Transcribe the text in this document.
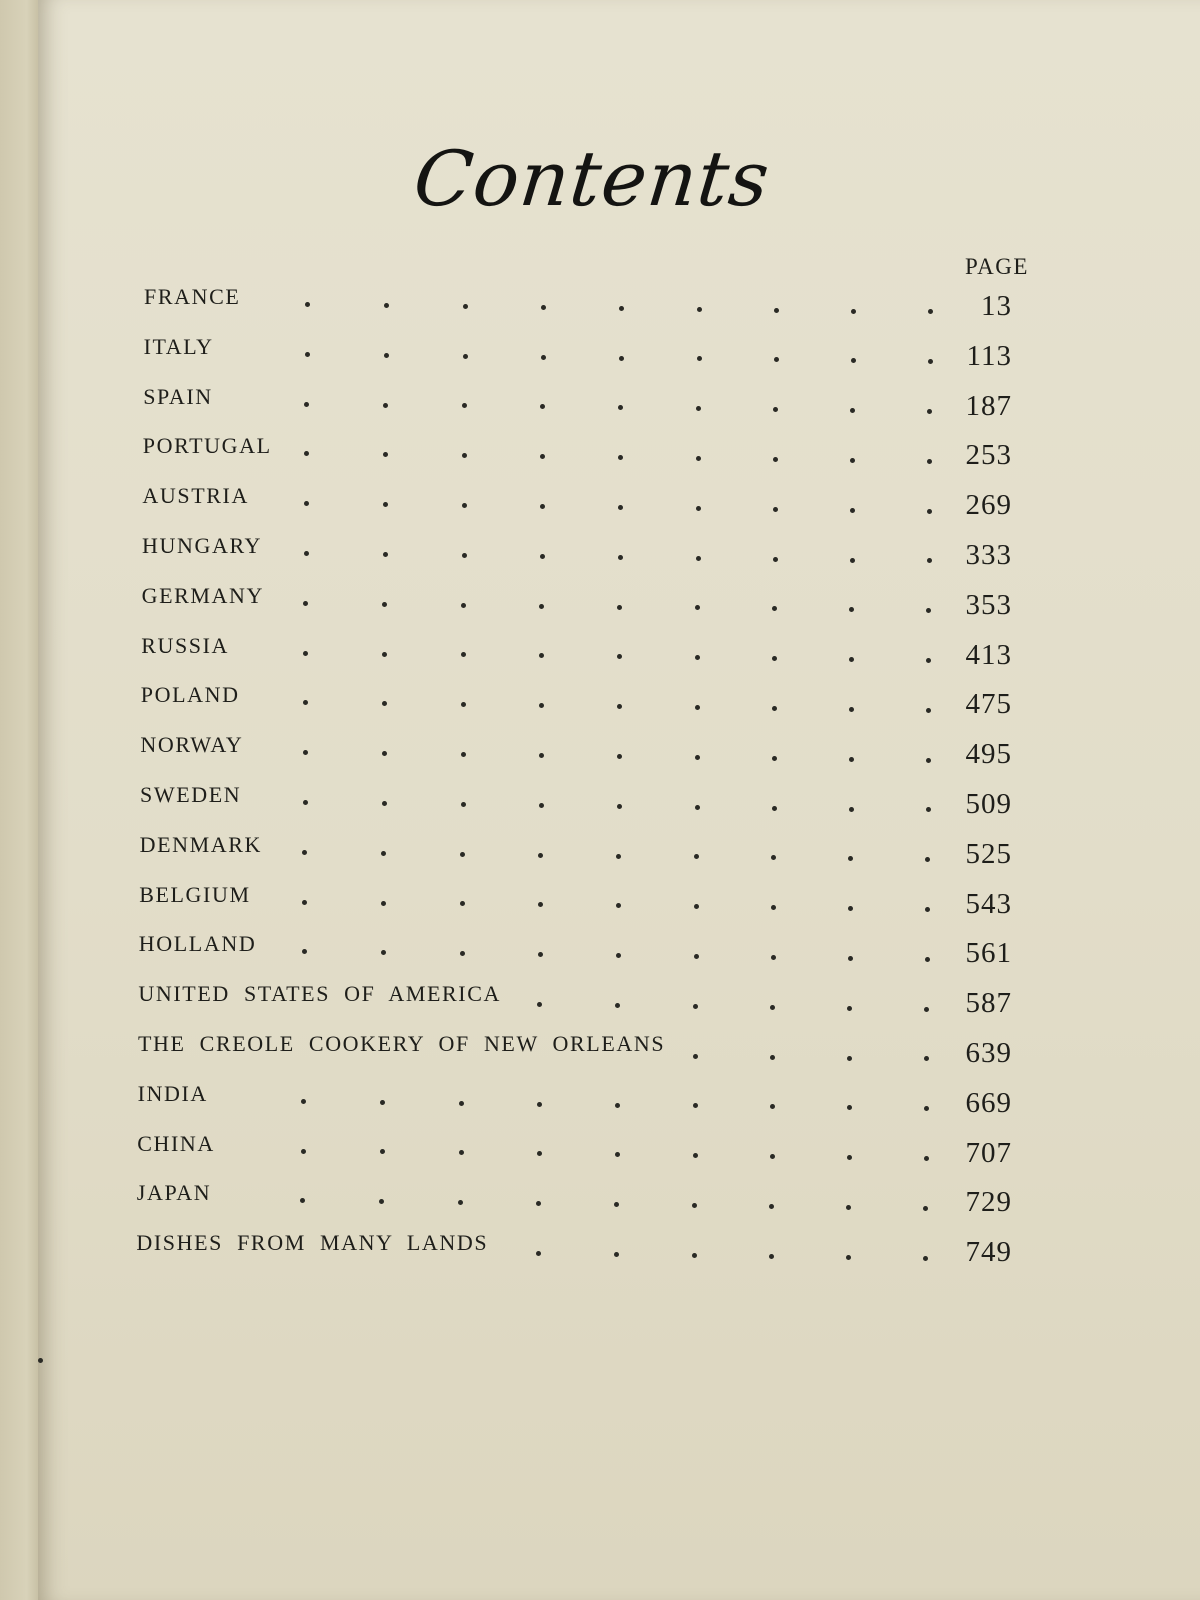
Contents
PAGE
FRANCE	13
ITALY	113
SPAIN	187
PORTUGAL	253
AUSTRIA	269
HUNGARY	333
GERMANY	353
RUSSIA	413
POLAND	475
NORWAY	495
SWEDEN	509
DENMARK	525
BELGIUM	543
HOLLAND	561
UNITED STATES OF AMERICA	587
THE CREOLE COOKERY OF NEW ORLEANS	639
INDIA	669
CHINA	707
JAPAN	729
DISHES FROM MANY LANDS	749
